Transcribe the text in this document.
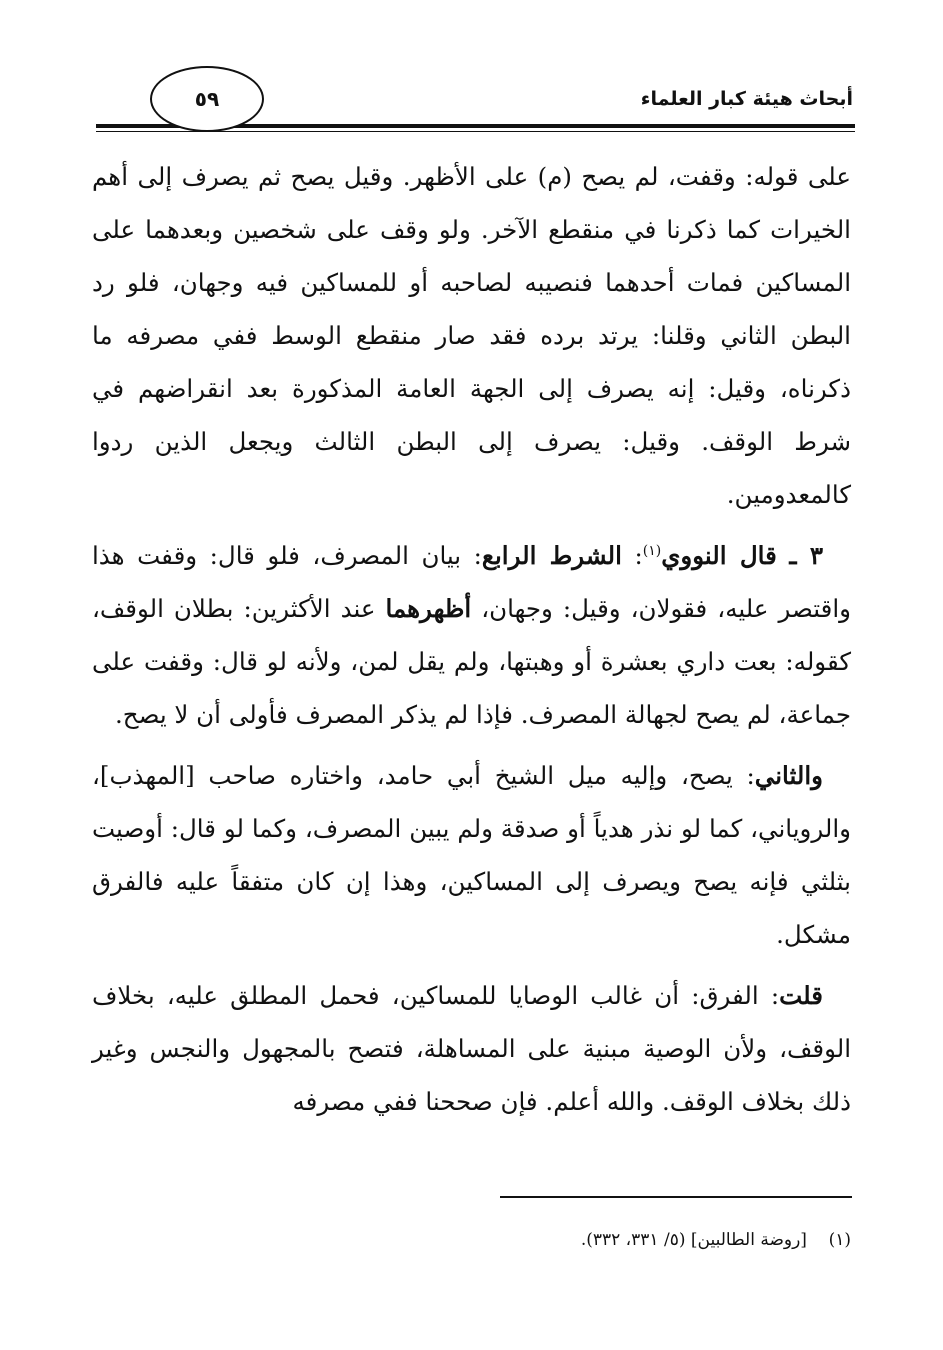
أبحاث هيئة كبار العلماء
٥٩

على قوله: وقفت، لم يصح (م) على الأظهر. وقيل يصح ثم يصرف إلى أهم الخيرات كما ذكرنا في منقطع الآخر. ولو وقف على شخصين وبعدهما على المساكين فمات أحدهما فنصيبه لصاحبه أو للمساكين فيه وجهان، فلو رد البطن الثاني وقلنا: يرتد برده فقد صار منقطع الوسط ففي مصرفه ما ذكرناه، وقيل: إنه يصرف إلى الجهة العامة المذكورة بعد انقراضهم في شرط الوقف. وقيل: يصرف إلى البطن الثالث ويجعل الذين ردوا كالمعدومين.

٣ ـ قال النووي$^{(١)}$: الشرط الرابع: بيان المصرف، فلو قال: وقفت هذا واقتصر عليه، فقولان، وقيل: وجهان، أظهرهما عند الأكثرين: بطلان الوقف، كقوله: بعت داري بعشرة أو وهبتها، ولم يقل لمن، ولأنه لو قال: وقفت على جماعة، لم يصح لجهالة المصرف. فإذا لم يذكر المصرف فأولى أن لا يصح.

والثاني: يصح، وإليه ميل الشيخ أبي حامد، واختاره صاحب [المهذب]، والروياني، كما لو نذر هدياً أو صدقة ولم يبين المصرف، وكما لو قال: أوصيت بثلثي فإنه يصح ويصرف إلى المساكين، وهذا إن كان متفقاً عليه فالفرق مشكل.

قلت: الفرق: أن غالب الوصايا للمساكين، فحمل المطلق عليه، بخلاف الوقف، ولأن الوصية مبنية على المساهلة، فتصح بالمجهول والنجس وغير ذلك بخلاف الوقف. والله أعلم. فإن صححنا ففي مصرفه

(١)    [روضة الطالبين] (٥/ ٣٣١، ٣٣٢).
